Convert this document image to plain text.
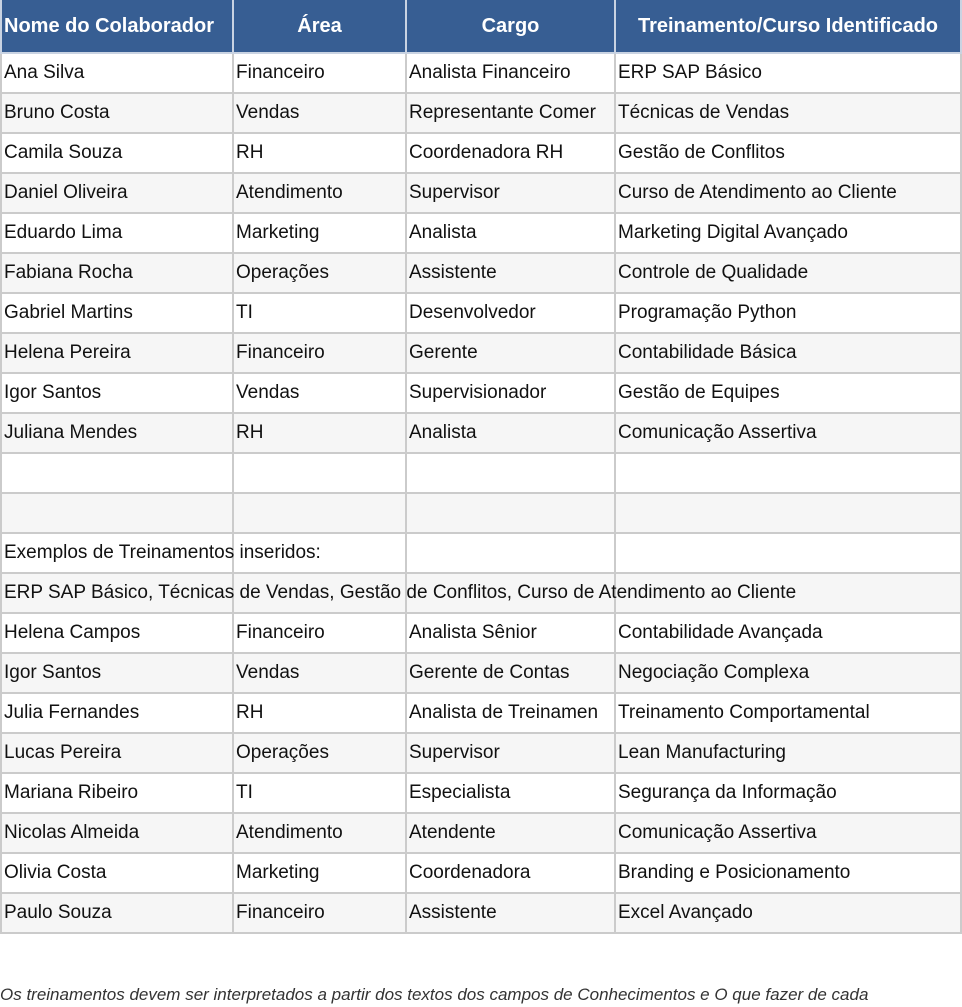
Nome do Colaborador	Área	Cargo	Treinamento/Curso Identificado
Ana Silva	Financeiro	Analista Financeiro	ERP SAP Básico
Bruno Costa	Vendas	Representante Comer	Técnicas de Vendas
Camila Souza	RH	Coordenadora RH	Gestão de Conflitos
Daniel Oliveira	Atendimento	Supervisor	Curso de Atendimento ao Cliente
Eduardo Lima	Marketing	Analista	Marketing Digital Avançado
Fabiana Rocha	Operações	Assistente	Controle de Qualidade
Gabriel Martins	TI	Desenvolvedor	Programação Python
Helena Pereira	Financeiro	Gerente	Contabilidade Básica
Igor Santos	Vendas	Supervisionador	Gestão de Equipes
Juliana Mendes	RH	Analista	Comunicação Assertiva

Exemplos de Treinamentos inseridos:			
ERP SAP Básico, Técnicas de Vendas, Gestão de Conflitos, Curso de Atendimento ao Cliente			
Helena Campos	Financeiro	Analista Sênior	Contabilidade Avançada
Igor Santos	Vendas	Gerente de Contas	Negociação Complexa
Julia Fernandes	RH	Analista de Treinamen	Treinamento Comportamental
Lucas Pereira	Operações	Supervisor	Lean Manufacturing
Mariana Ribeiro	TI	Especialista	Segurança da Informação
Nicolas Almeida	Atendimento	Atendente	Comunicação Assertiva
Olivia Costa	Marketing	Coordenadora	Branding e Posicionamento
Paulo Souza	Financeiro	Assistente	Excel Avançado
Os treinamentos devem ser interpretados a partir dos textos dos campos de Conhecimentos e O que fazer de cada
